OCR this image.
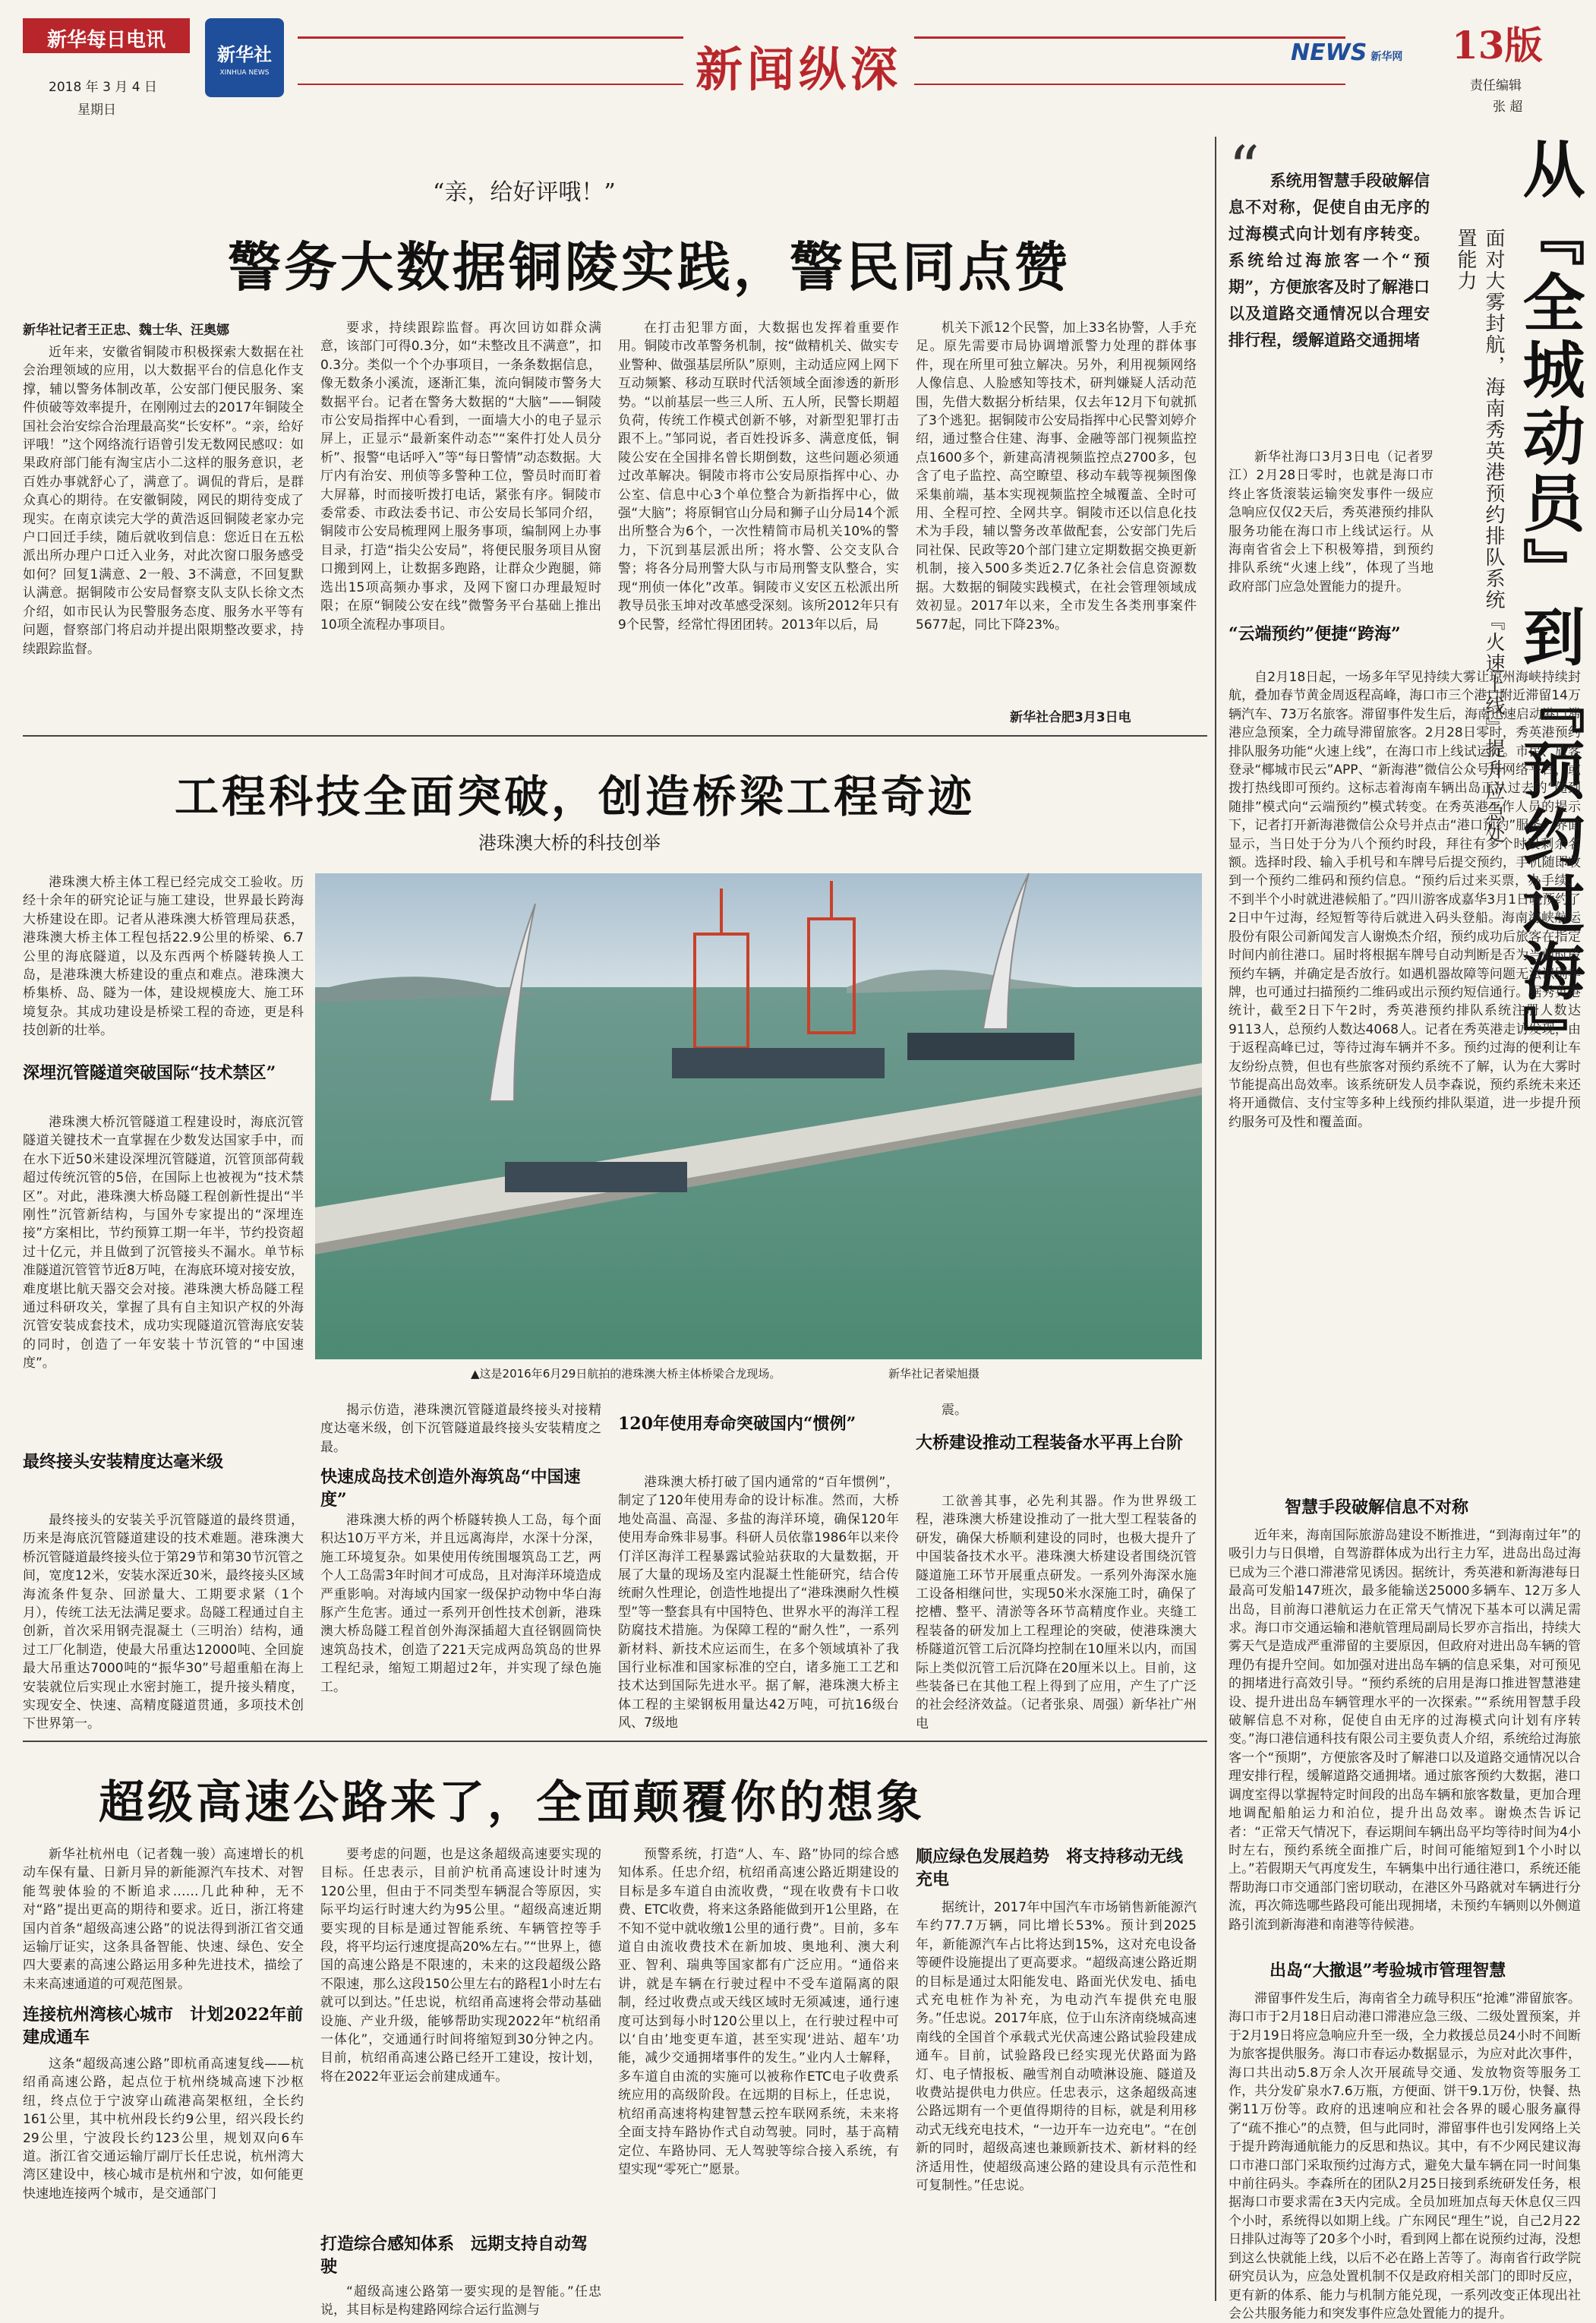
新华每日电讯
2018 年 3 月 4 日
星期日
新华社
XINHUA NEWS	新闻纵深	NEWS 新华网 13版
责任编辑
张 超
“亲，给好评哦！”
警务大数据铜陵实践，警民同点赞
新华社记者王正忠、魏士华、汪奥娜

近年来，安徽省铜陵市积极探索大数据在社会治理领域的应用，以大数据平台的信息化作支撑，辅以警务体制改革，公安部门便民服务、案件侦破等效率提升，在刚刚过去的2017年铜陵全国社会治安综合治理最高奖“长安杯”。“亲，给好评哦！”这个网络流行语曾引发无数网民感叹：如果政府部门能有淘宝店小二这样的服务意识，老百姓办事就舒心了，满意了。调侃的背后，是群众真心的期待。在安徽铜陵，网民的期待变成了现实。在南京读完大学的黄浩返回铜陵老家办完户口回迁手续，随后就收到信息：您近日在五松派出所办理户口迁入业务，对此次窗口服务感受如何？回复1满意、2一般、3不满意，不回复默认满意。据铜陵市公安局督察支队支队长徐文杰介绍，如市民认为民警服务态度、服务水平等有问题，督察部门将启动并提出限期整改要求，持续跟踪监督。

要求，持续跟踪监督。再次回访如群众满意，该部门可得0.3分，如“未整改且不满意”，扣0.3分。类似一个个办事项目，一条条数据信息，像无数条小溪流，逐渐汇集，流向铜陵市警务大数据平台。记者在警务大数据的“大脑”——铜陵市公安局指挥中心看到，一面墙大小的电子显示屏上，正显示“最新案件动态”“案件打处人员分析”、报警“电话呼入”等“每日警情”动态数据。大厅内有治安、刑侦等多警种工位，警员时而盯着大屏幕，时而接听拨打电话，紧张有序。铜陵市委常委、市政法委书记、市公安局长邹同介绍，铜陵市公安局梳理网上服务事项，编制网上办事目录，打造“指尖公安局”，将便民服务项目从窗口搬到网上，让数据多跑路，让群众少跑腿，筛选出15项高频办事求，及网下窗口办理最短时限；在原“铜陵公安在线”微警务平台基础上推出10项全流程办事项目。

在打击犯罪方面，大数据也发挥着重要作用。铜陵市改革警务机制，按“做精机关、做实专业警种、做强基层所队”原则，主动适应网上网下互动频繁、移动互联时代活领域全面渗透的新形势。“以前基层一些三人所、五人所，民警长期超负荷，传统工作模式创新不够，对新型犯罪打击跟不上。”邹同说，者百姓投诉多、满意度低，铜陵公安在全国排名曾长期倒数，这些问题必须通过改革解决。铜陵市将市公安局原指挥中心、办公室、信息中心3个单位整合为新指挥中心，做强“大脑”；将原铜官山分局和狮子山分局14个派出所整合为6个，一次性精简市局机关10%的警力，下沉到基层派出所；将水警、公交支队合警；将各分局刑警大队与市局刑警支队整合，实现“刑侦一体化”改革。铜陵市义安区五松派出所教导员张玉坤对改革感受深刻。该所2012年只有9个民警，经常忙得团团转。2013年以后，局

机关下派12个民警，加上33名协警，人手充足。原先需要市局协调增派警力处理的群体事件，现在所里可独立解决。另外，利用视频网络人像信息、人脸感知等技术，研判嫌疑人活动范围，先借大数据分析结果，仅去年12月下旬就抓了3个逃犯。据铜陵市公安局指挥中心民警刘婷介绍，通过整合住建、海事、金融等部门视频监控点1600多个，新建高清视频监控点2700多，包含了电子监控、高空瞭望、移动车载等视频图像采集前端，基本实现视频监控全城覆盖、全时可用、全程可控、全网共享。铜陵市还以信息化技术为手段，辅以警务改革做配套，公安部门先后同社保、民政等20个部门建立定期数据交换更新机制，接入500多类近2.7亿条社会信息资源数据。大数据的铜陵实践模式，在社会管理领域成效初显。2017年以来，全市发生各类刑事案件5677起，同比下降23%。

新华社合肥3月3日电
工程科技全面突破，创造桥梁工程奇迹
港珠澳大桥的科技创举
▲这是2016年6月29日航拍的港珠澳大桥主体桥梁合龙现场。	新华社记者梁旭摄

港珠澳大桥主体工程已经完成交工验收。历经十余年的研究论证与施工建设，世界最长跨海大桥建设在即。记者从港珠澳大桥管理局获悉，港珠澳大桥主体工程包括22.9公里的桥梁、6.7公里的海底隧道，以及东西两个桥隧转换人工岛，是港珠澳大桥建设的重点和难点。港珠澳大桥集桥、岛、隧为一体，建设规模庞大、施工环境复杂。其成功建设是桥梁工程的奇迹，更是科技创新的壮举。

深埋沉管隧道突破国际“技术禁区”

港珠澳大桥沉管隧道工程建设时，海底沉管隧道关键技术一直掌握在少数发达国家手中，而在水下近50米建设深埋沉管隧道，沉管顶部荷载超过传统沉管的5倍，在国际上也被视为“技术禁区”。对此，港珠澳大桥岛隧工程创新性提出“半刚性”沉管新结构，与国外专家提出的“深埋连接”方案相比，节约预算工期一年半，节约投资超过十亿元，并且做到了沉管接头不漏水。单节标准隧道沉管管节近8万吨，在海底环境对接安放，难度堪比航天器交会对接。港珠澳大桥岛隧工程通过科研攻关，掌握了具有自主知识产权的外海沉管安装成套技术，成功实现隧道沉管海底安装的同时，创造了一年安装十节沉管的“中国速度”。

最终接头安装精度达毫米级

揭示仿造，港珠澳沉管隧道最终接头对接精度达毫米级，创下沉管隧道最终接头安装精度之最。

快速成岛技术创造外海筑岛“中国速度”
120年使用寿命突破国内“惯例”

震。

大桥建设推动工程装备水平再上台阶

最终接头的安装关乎沉管隧道的最终贯通，历来是海底沉管隧道建设的技术难题。港珠澳大桥沉管隧道最终接头位于第29节和第30节沉管之间，宽度12米，安装水深近30米，最终接头区域海流条件复杂、回淤量大、工期要求紧（1个月），传统工法无法满足要求。岛隧工程通过自主创新，首次采用钢壳混凝土（三明治）结构，通过工厂化制造，使最大吊重达12000吨、全回旋最大吊重达7000吨的“振华30”号超重船在海上安装就位后实现止水密封施工，提升接头精度，实现安全、快速、高精度隧道贯通，多项技术创下世界第一。

港珠澳大桥的两个桥隧转换人工岛，每个面积达10万平方米，并且远离海岸，水深十分深，施工环境复杂。如果使用传统围堰筑岛工艺，两个人工岛需3年时间才可成岛，且对海洋环境造成严重影响。对海域内国家一级保护动物中华白海豚产生危害。通过一系列开创性技术创新，港珠澳大桥岛隧工程首创外海深插超大直径钢圆筒快速筑岛技术，创造了221天完成两岛筑岛的世界工程纪录，缩短工期超过2年，并实现了绿色施工。

港珠澳大桥打破了国内通常的“百年惯例”，制定了120年使用寿命的设计标准。然而，大桥地处高温、高湿、多盐的海洋环境，确保120年使用寿命殊非易事。科研人员依靠1986年以来伶仃洋区海洋工程暴露试验站获取的大量数据，开展了大量的现场及室内混凝土性能研究，结合传统耐久性理论，创造性地提出了“港珠澳耐久性模型”等一整套具有中国特色、世界水平的海洋工程防腐技术措施。为保障工程的“耐久性”，一系列新材料、新技术应运而生，在多个领域填补了我国行业标准和国家标准的空白，诸多施工工艺和技术达到国际先进水平。据了解，港珠澳大桥主体工程的主梁钢板用量达42万吨，可抗16级台风、7级地

工欲善其事，必先利其器。作为世界级工程，港珠澳大桥建设推动了一批大型工程装备的研发，确保大桥顺利建设的同时，也极大提升了中国装备技术水平。港珠澳大桥建设者围绕沉管隧道施工环节开展重点研发。一系列外海深水施工设备相继问世，实现50米水深施工时，确保了挖槽、整平、清淤等各环节高精度作业。夹缝工程装备的研发加上工程理论的突破，使港珠澳大桥隧道沉管工后沉降均控制在10厘米以内，而国际上类似沉管工后沉降在20厘米以上。目前，这些装备已在其他工程上得到了应用，产生了广泛的社会经济效益。（记者张泉、周强）新华社广州电

超级高速公路来了，全面颠覆你的想象

新华社杭州电（记者魏一骏）高速增长的机动车保有量、日新月异的新能源汽车技术、对智能驾驶体验的不断追求……几此种种，无不对“路”提出更高的期待和要求。近日，浙江将建国内首条“超级高速公路”的说法得到浙江省交通运输厅证实，这条具备智能、快速、绿色、安全四大要素的高速公路运用多种先进技术，描绘了未来高速通道的可观范图景。

连接杭州湾核心城市　计划2022年前建成通车

这条“超级高速公路”即杭甬高速复线——杭绍甬高速公路，起点位于杭州绕城高速下沙枢纽，终点位于宁波穿山疏港高架枢纽，全长约161公里，其中杭州段长约9公里，绍兴段长约29公里，宁波段长约123公里，规划双向6车道。浙江省交通运输厅副厅长任忠说，杭州湾大湾区建设中，核心城市是杭州和宁波，如何能更快速地连接两个城市，是交通部门

要考虑的问题，也是这条超级高速要实现的目标。任忠表示，目前沪杭甬高速设计时速为120公里，但由于不同类型车辆混合等原因，实际平均运行时速大约为95公里。“超级高速近期要实现的目标是通过智能系统、车辆管控等手段，将平均运行速度提高20%左右。”“世界上，德国的高速公路是不限速的，未来的这段超级公路不限速，那么这段150公里左右的路程1小时左右就可以到达。”任忠说，杭绍甬高速将会带动基础设施、产业升级，能够帮助实现2022年“杭绍甬一体化”，交通通行时间将缩短到30分钟之内。目前，杭绍甬高速公路已经开工建设，按计划，将在2022年亚运会前建成通车。

打造综合感知体系　远期支持自动驾驶

“超级高速公路第一要实现的是智能。”任忠说，其目标是构建路网综合运行监测与

预警系统，打造“人、车、路”协同的综合感知体系。任忠介绍，杭绍甬高速公路近期建设的目标是多车道自由流收费，“现在收费有卡口收费、ETC收费，将来这条路能做到开1公里路，在不知不觉中就收缴1公里的通行费”。目前，多车道自由流收费技术在新加坡、奥地利、澳大利亚、智利、瑞典等国家都有广泛应用。“通俗来讲，就是车辆在行驶过程中不受车道隔离的限制，经过收费点或天线区域时无须减速，通行速度可达到每小时120公里以上，在行驶过程中可以‘自由’地变更车道，甚至实现‘进站、超车’功能，减少交通拥堵事件的发生。”业内人士解释，多车道自由流的实施可以被称作ETC电子收费系统应用的高级阶段。在远期的目标上，任忠说，杭绍甬高速将构建智慧云控车联网系统，未来将全面支持车路协作式自动驾驶。同时，基于高精定位、车路协同、无人驾驶等综合接入系统，有望实现“零死亡”愿景。

顺应绿色发展趋势　将支持移动无线充电

据统计，2017年中国汽车市场销售新能源汽车约77.7万辆，同比增长53%。预计到2025年，新能源汽车占比将达到15%，这对充电设备等硬件设施提出了更高要求。“超级高速公路近期的目标是通过太阳能发电、路面光伏发电、插电式充电桩作为补充，为电动汽车提供充电服务。”任忠说。2017年底，位于山东济南绕城高速南线的全国首个承载式光伏高速公路试验段建成通车。目前，试验路段已经实现光伏路面为路灯、电子情报板、融雪剂自动喷淋设施、隧道及收费站提供电力供应。任忠表示，这条超级高速公路远期有一个更值得期待的目标，就是利用移动式无线充电技术，“一边开车一边充电”。“在创新的同时，超级高速也兼顾新技术、新材料的经济适用性，使超级高速公路的建设具有示范性和可复制性。”任忠说。

“ 系统用智慧手段破解信息不对称，促使自由无序的过海模式向计划有序转变。系统给过海旅客一个“预期”，方便旅客及时了解港口以及道路交通情况以合理安排行程，缓解道路交通拥堵 从『全城动员』到『预约过海』
面对大雾封航，海南秀英港预约排队系统『火速上线』提升应急处置能力

新华社海口3月3日电（记者罗江）2月28日零时，也就是海口市终止客货滚装运输突发事件一级应急响应仅仅2天后，秀英港预约排队服务功能在海口市上线试运行。从海南省省会上下积极筹措，到预约排队系统“火速上线”，体现了当地政府部门应急处置能力的提升。

“云端预约”便捷“跨海”

自2月18日起，一场多年罕见持续大雾让琼州海峡持续封航，叠加春节黄金周返程高峰，海口市三个港口附近滞留14万辆汽车、73万名旅客。滞留事件发生后，海南迅速启动港口滞港应急预案，全力疏导滞留旅客。2月28日零时，秀英港预约排队服务功能“火速上线”，在海口市上线试运行。市民、旅客登录“椰城市民云”APP、“新海港”微信公众号等网络平台，或拨打热线即可预约。这标志着海南车辆出岛正从过去的“随到随排”模式向“云端预约”模式转变。在秀英港工作人员的提示下，记者打开新海港微信公众号并点击“港口预约”服务，界面显示，当日处于分为八个预约时段，拜往有多个时段剩余名额。选择时段、输入手机号和车牌号后提交预约，手机随即收到一个预约二维码和预约信息。“预约后过来买票，办手续，不到半个小时就进港候船了。”四川游客成嘉华3月1日晚预约了2日中午过海，经短暂等待后就进入码头登船。海南海峡航运股份有限公司新闻发言人谢焕杰介绍，预约成功后旅客在指定时间内前往港口。届时将根据车牌号自动判断是否为当前时段预约车辆，并确定是否放行。如遇机器故障等问题无法识别车牌，也可通过扫描预约二维码或出示预约短信通行。据秀英港统计，截至2日下午2时，秀英港预约排队系统注册人数达9113人，总预约人数达4068人。记者在秀英港走访发现，由于返程高峰已过，等待过海车辆并不多。预约过海的便利让车友纷纷点赞，但也有些旅客对预约系统不了解，认为在大雾时节能提高出岛效率。该系统研发人员李森说，预约系统未来还将开通微信、支付宝等多种上线预约排队渠道，进一步提升预约服务可及性和覆盖面。

智慧手段破解信息不对称

近年来，海南国际旅游岛建设不断推进，“到海南过年”的吸引力与日俱增，自驾游群体成为出行主力军，进岛出岛过海已成为三个港口滞港常见诱因。据统计，秀英港和新海港每日最高可发船147班次，最多能输送25000多辆车、12万多人出岛，目前海口港航运力在正常天气情况下基本可以满足需求。海口市交通运输和港航管理局副局长罗亦言指出，持续大雾天气是造成严重滞留的主要原因，但政府对进出岛车辆的管理仍有提升空间。如加强对进出岛车辆的信息采集，对可预见的拥堵进行高效引导。“预约系统的启用是海口推进智慧港建设、提升进出岛车辆管理水平的一次探索。”“系统用智慧手段破解信息不对称，促使自由无序的过海模式向计划有序转变。”海口港信通科技有限公司主要负责人介绍，系统给过海旅客一个“预期”，方便旅客及时了解港口以及道路交通情况以合理安排行程，缓解道路交通拥堵。通过旅客预约大数据，港口调度室得以掌握特定时间段的出岛车辆和旅客数量，更加合理地调配船舶运力和泊位，提升出岛效率。谢焕杰告诉记者：“正常天气情况下，春运期间车辆出岛平均等待时间为4小时左右，预约系统全面推广后，时间可能缩短到1个小时以上。”若假期天气再度发生，车辆集中出行通往港口，系统还能帮助海口市交通部门密切联动，在港区外马路就对车辆进行分流，再次筛选哪些路段可能出现拥堵，未预约车辆则以外侧道路引流到新海港和南港等待候港。

出岛“大撤退”考验城市管理智慧

滞留事件发生后，海南省全力疏导积压“抢滩”滞留旅客。海口市于2月18日启动港口滞港应急三级、二级处置预案，并于2月19日将应急响应升至一级，全力救援总员24小时不间断为旅客提供服务。海口市春运办数据显示，为应对此次事件，海口共出动5.8万余人次开展疏导交通、发放物资等服务工作，共分发矿泉水7.6万瓶，方便面、饼干9.1万份，快餐、热粥11万份等。政府的迅速响应和社会各界的暖心服务赢得了“疏不推心”的点赞，但与此同时，滞留事件也引发网络上关于提升跨海通航能力的反思和热议。其中，有不少网民建议海口市港口部门采取预约过海方式，避免大量车辆在同一时间集中前往码头。李森所在的团队2月25日接到系统研发任务，根据海口市要求需在3天内完成。全员加班加点每天休息仅三四个小时，系统得以如期上线。广东网民“理生”说，自己2月22日排队过海等了20多个小时，看到网上都在说预约过海，没想到这么快就能上线，以后不必在路上苦等了。海南省行政学院研究员认为，应急处置机制不仅是政府相关部门的即时反应，更有新的体系、能力与机制方能兑现，一系列改变正体现出社会公共服务能力和突发事件应急处置能力的提升。
